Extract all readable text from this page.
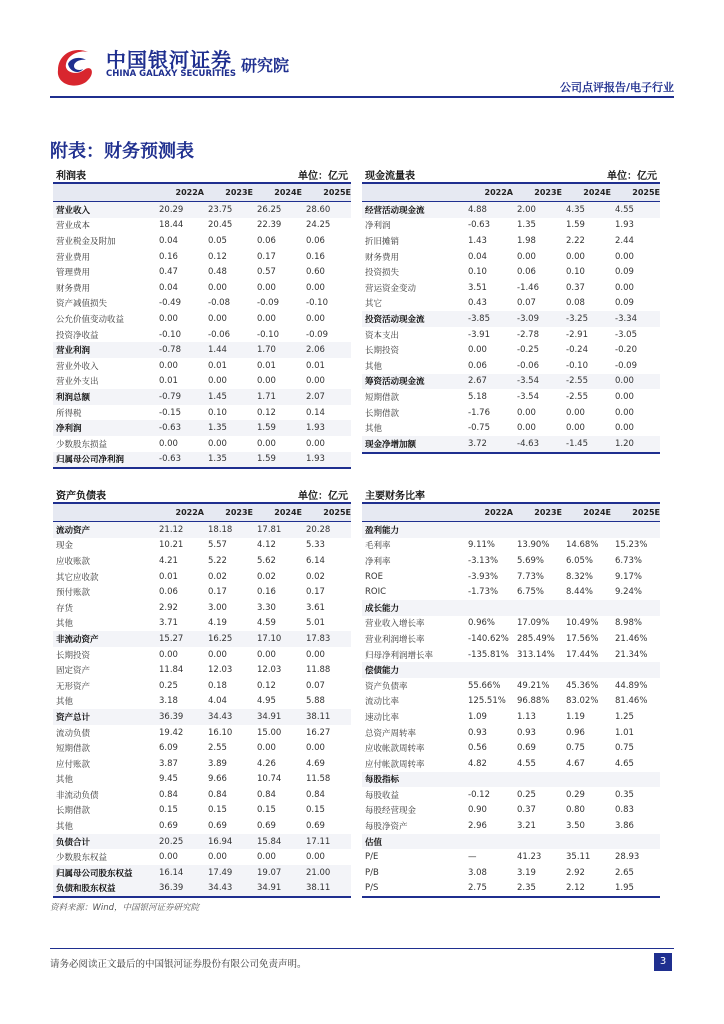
中国银河证券
CHINA GALAXY SECURITIES 研究院
公司点评报告/电子行业
附表：财务预测表
利润表	单位：亿元
2022A	2023E	2024E	2025E
营业收入	20.29	23.75	26.25	28.60
营业成本	18.44	20.45	22.39	24.25
营业税金及附加	0.04	0.05	0.06	0.06
营业费用	0.16	0.12	0.17	0.16
管理费用	0.47	0.48	0.57	0.60
财务费用	0.04	0.00	0.00	0.00
资产减值损失	-0.49	-0.08	-0.09	-0.10
公允价值变动收益	0.00	0.00	0.00	0.00
投资净收益	-0.10	-0.06	-0.10	-0.09
营业利润	-0.78	1.44	1.70	2.06
营业外收入	0.00	0.01	0.01	0.01
营业外支出	0.01	0.00	0.00	0.00
利润总额	-0.79	1.45	1.71	2.07
所得税	-0.15	0.10	0.12	0.14
净利润	-0.63	1.35	1.59	1.93
少数股东损益	0.00	0.00	0.00	0.00
归属母公司净利润	-0.63	1.35	1.59	1.93
现金流量表	单位：亿元
2022A	2023E	2024E	2025E
经营活动现金流	4.88	2.00	4.35	4.55
净利润	-0.63	1.35	1.59	1.93
折旧摊销	1.43	1.98	2.22	2.44
财务费用	0.04	0.00	0.00	0.00
投资损失	0.10	0.06	0.10	0.09
营运资金变动	3.51	-1.46	0.37	0.00
其它	0.43	0.07	0.08	0.09
投资活动现金流	-3.85	-3.09	-3.25	-3.34
资本支出	-3.91	-2.78	-2.91	-3.05
长期投资	0.00	-0.25	-0.24	-0.20
其他	0.06	-0.06	-0.10	-0.09
筹资活动现金流	2.67	-3.54	-2.55	0.00
短期借款	5.18	-3.54	-2.55	0.00
长期借款	-1.76	0.00	0.00	0.00
其他	-0.75	0.00	0.00	0.00
现金净增加额	3.72	-4.63	-1.45	1.20
资产负债表	单位：亿元
2022A	2023E	2024E	2025E
流动资产	21.12	18.18	17.81	20.28
现金	10.21	5.57	4.12	5.33
应收账款	4.21	5.22	5.62	6.14
其它应收款	0.01	0.02	0.02	0.02
预付账款	0.06	0.17	0.16	0.17
存货	2.92	3.00	3.30	3.61
其他	3.71	4.19	4.59	5.01
非流动资产	15.27	16.25	17.10	17.83
长期投资	0.00	0.00	0.00	0.00
固定资产	11.84	12.03	12.03	11.88
无形资产	0.25	0.18	0.12	0.07
其他	3.18	4.04	4.95	5.88
资产总计	36.39	34.43	34.91	38.11
流动负债	19.42	16.10	15.00	16.27
短期借款	6.09	2.55	0.00	0.00
应付账款	3.87	3.89	4.26	4.69
其他	9.45	9.66	10.74	11.58
非流动负债	0.84	0.84	0.84	0.84
长期借款	0.15	0.15	0.15	0.15
其他	0.69	0.69	0.69	0.69
负债合计	20.25	16.94	15.84	17.11
少数股东权益	0.00	0.00	0.00	0.00
归属母公司股东权益	16.14	17.49	19.07	21.00
负债和股东权益	36.39	34.43	34.91	38.11
主要财务比率
2022A	2023E	2024E	2025E
盈利能力
毛利率	9.11%	13.90%	14.68%	15.23%
净利率	-3.13%	5.69%	6.05%	6.73%
ROE	-3.93%	7.73%	8.32%	9.17%
ROIC	-1.73%	6.75%	8.44%	9.24%
成长能力
营业收入增长率	0.96%	17.09%	10.49%	8.98%
营业利润增长率	-140.62% 285.49%	17.56%	21.46%
归母净利润增长率	-135.81% 313.14%	17.44%	21.34%
偿债能力
资产负债率	55.66%	49.21%	45.36%	44.89%
流动比率	125.51%	96.88%	83.02%	81.46%
速动比率	1.09	1.13	1.19	1.25
总资产周转率	0.93	0.93	0.96	1.01
应收帐款周转率	0.56	0.69	0.75	0.75
应付帐款周转率	4.82	4.55	4.67	4.65
每股指标
每股收益	-0.12	0.25	0.29	0.35
每股经营现金	0.90	0.37	0.80	0.83
每股净资产	2.96	3.21	3.50	3.86
估值
P/E	—	41.23	35.11	28.93
P/B	3.08	3.19	2.92	2.65
P/S	2.75	2.35	2.12	1.95
资料来源：Wind，中国银河证券研究院
请务必阅读正文最后的中国银河证券股份有限公司免责声明。	3
